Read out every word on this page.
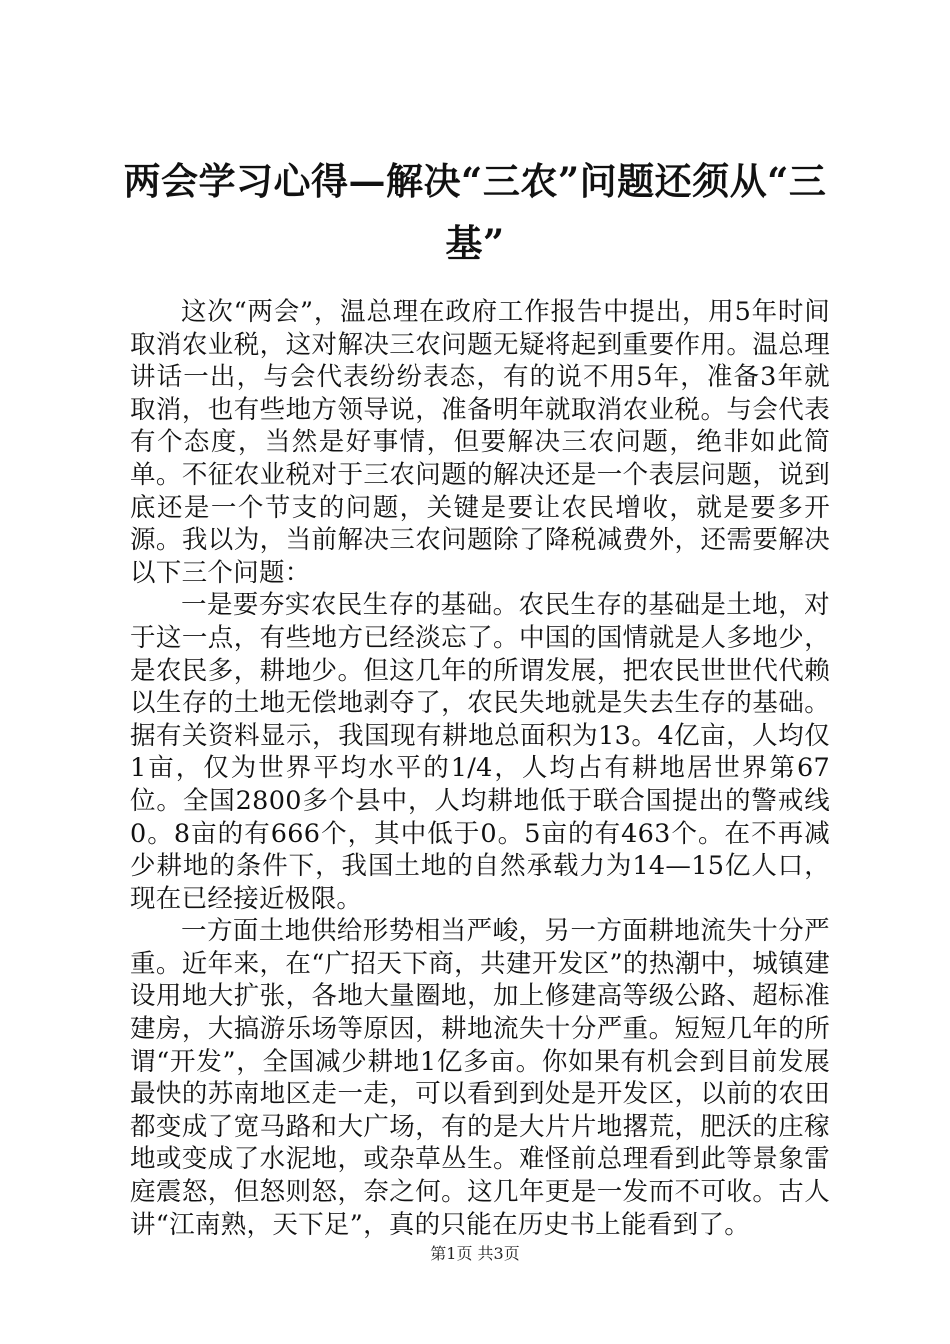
两会学习心得—解决“三农”问题还须从“三基”

这次“两会”，温总理在政府工作报告中提出，用5年时间取消农业税，这对解决三农问题无疑将起到重要作用。温总理讲话一出，与会代表纷纷表态，有的说不用5年，准备3年就取消，也有些地方领导说，准备明年就取消农业税。与会代表有个态度，当然是好事情，但要解决三农问题，绝非如此简单。不征农业税对于三农问题的解决还是一个表层问题，说到底还是一个节支的问题，关键是要让农民增收，就是要多开源。我以为，当前解决三农问题除了降税减费外，还需要解决以下三个问题：

一是要夯实农民生存的基础。农民生存的基础是土地，对于这一点，有些地方已经淡忘了。中国的国情就是人多地少，是农民多，耕地少。但这几年的所谓发展，把农民世世代代赖以生存的土地无偿地剥夺了，农民失地就是失去生存的基础。据有关资料显示，我国现有耕地总面积为13。4亿亩，人均仅1亩，仅为世界平均水平的1/4，人均占有耕地居世界第67位。全国2800多个县中，人均耕地低于联合国提出的警戒线0。8亩的有666个，其中低于0。5亩的有463个。在不再减少耕地的条件下，我国土地的自然承载力为14—15亿人口，现在已经接近极限。

一方面土地供给形势相当严峻，另一方面耕地流失十分严重。近年来，在“广招天下商，共建开发区”的热潮中，城镇建设用地大扩张，各地大量圈地，加上修建高等级公路、超标准建房，大搞游乐场等原因，耕地流失十分严重。短短几年的所谓“开发”，全国减少耕地1亿多亩。你如果有机会到目前发展最快的苏南地区走一走，可以看到到处是开发区，以前的农田都变成了宽马路和大广场，有的是大片片地撂荒，肥沃的庄稼地或变成了水泥地，或杂草丛生。难怪前总理看到此等景象雷庭震怒，但怒则怒，奈之何。这几年更是一发而不可收。古人讲“江南熟，天下足”，真的只能在历史书上能看到了。

第1页 共3页
